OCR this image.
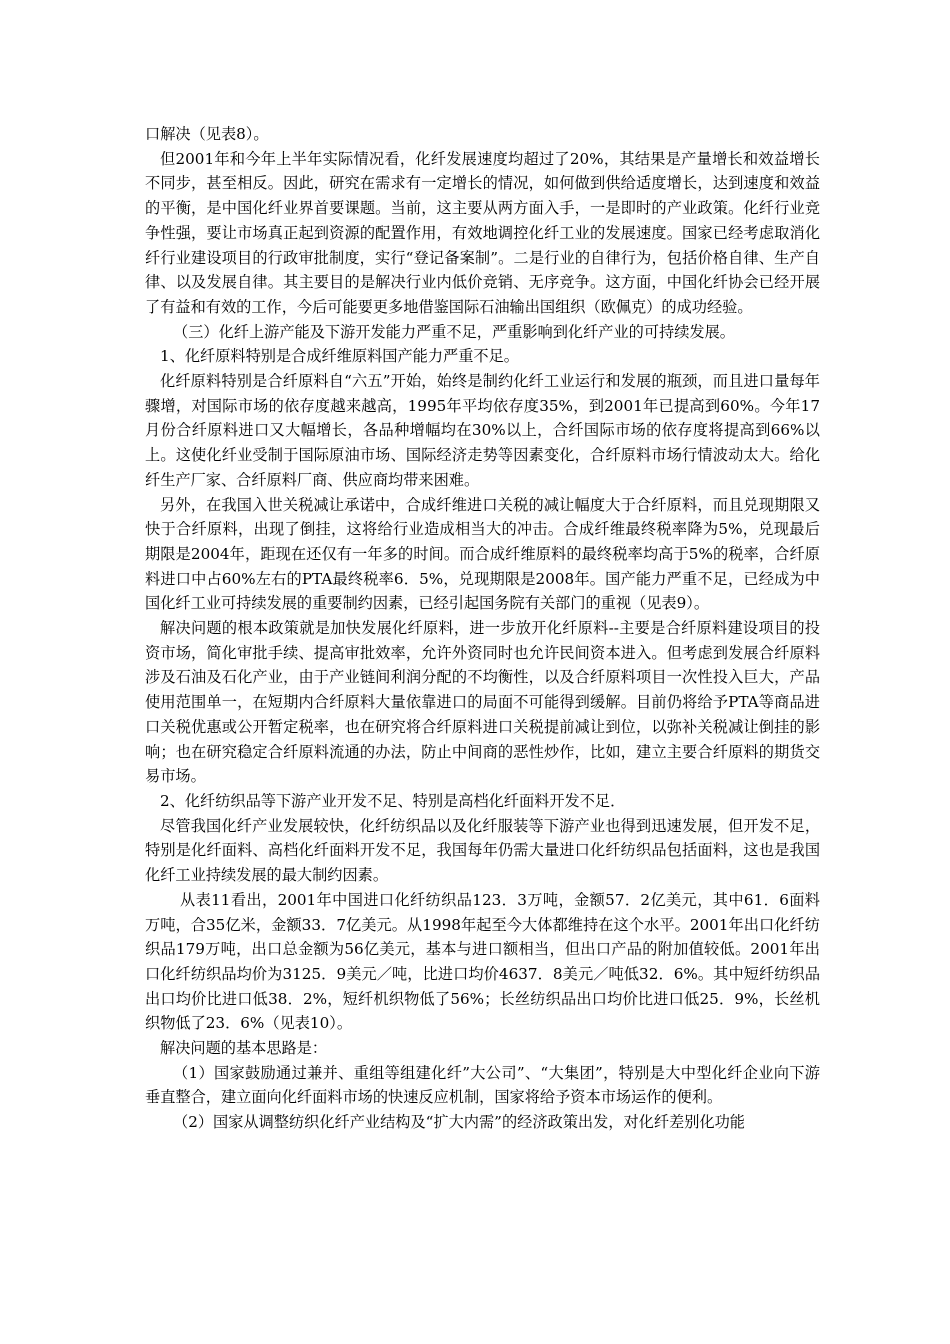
口解决（见表8）。

但2001年和今年上半年实际情况看，化纤发展速度均超过了20%，其结果是产量增长和效益增长不同步，甚至相反。因此，研究在需求有一定增长的情况，如何做到供给适度增长，达到速度和效益的平衡，是中国化纤业界首要课题。当前，这主要从两方面入手，一是即时的产业政策。化纤行业竞争性强，要让市场真正起到资源的配置作用，有效地调控化纤工业的发展速度。国家已经考虑取消化纤行业建设项目的行政审批制度，实行“登记备案制”。二是行业的自律行为，包括价格自律、生产自律、以及发展自律。其主要目的是解决行业内低价竞销、无序竞争。这方面，中国化纤协会已经开展了有益和有效的工作，今后可能要更多地借鉴国际石油输出国组织（欧佩克）的成功经验。

（三）化纤上游产能及下游开发能力严重不足，严重影响到化纤产业的可持续发展。

1、化纤原料特别是合成纤维原料国产能力严重不足。

化纤原料特别是合纤原料自“六五”开始，始终是制约化纤工业运行和发展的瓶颈，而且进口量每年骤增，对国际市场的依存度越来越高，1995年平均依存度35%，到2001年已提高到60%。今年17月份合纤原料进口又大幅增长，各品种增幅均在30%以上，合纤国际市场的依存度将提高到66%以上。这使化纤业受制于国际原油市场、国际经济走势等因素变化，合纤原料市场行情波动太大。给化纤生产厂家、合纤原料厂商、供应商均带来困难。

另外，在我国入世关税减让承诺中，合成纤维进口关税的减让幅度大于合纤原料，而且兑现期限又快于合纤原料，出现了倒挂，这将给行业造成相当大的冲击。合成纤维最终税率降为5%，兑现最后期限是2004年，距现在还仅有一年多的时间。而合成纤维原料的最终税率均高于5%的税率，合纤原料进口中占60%左右的PTA最终税率6．5%，兑现期限是2008年。国产能力严重不足，已经成为中国化纤工业可持续发展的重要制约因素，已经引起国务院有关部门的重视（见表9）。

解决问题的根本政策就是加快发展化纤原料，进一步放开化纤原料--主要是合纤原料建设项目的投资市场，简化审批手续、提高审批效率，允许外资同时也允许民间资本进入。但考虑到发展合纤原料涉及石油及石化产业，由于产业链间利润分配的不均衡性，以及合纤原料项目一次性投入巨大，产品使用范围单一，在短期内合纤原料大量依靠进口的局面不可能得到缓解。目前仍将给予PTA等商品进口关税优惠或公开暂定税率，也在研究将合纤原料进口关税提前减让到位，以弥补关税减让倒挂的影响；也在研究稳定合纤原料流通的办法，防止中间商的恶性炒作，比如，建立主要合纤原料的期货交易市场。

2、化纤纺织品等下游产业开发不足、特别是高档化纤面料开发不足．

尽管我国化纤产业发展较快，化纤纺织品以及化纤服装等下游产业也得到迅速发展，但开发不足，特别是化纤面料、高档化纤面料开发不足，我国每年仍需大量进口化纤纺织品包括面料，这也是我国化纤工业持续发展的最大制约因素。

从表11看出，2001年中国进口化纤纺织品123．3万吨，金额57．2亿美元，其中61．6面料万吨，合35亿米，金额33．7亿美元。从1998年起至今大体都维持在这个水平。2001年出口化纤纺织品179万吨，出口总金额为56亿美元，基本与进口额相当，但出口产品的附加值较低。2001年出口化纤纺织品均价为3125．9美元／吨，比进口均价4637．8美元／吨低32．6%。其中短纤纺织品出口均价比进口低38．2%，短纤机织物低了56%；长丝纺织品出口均价比进口低25．9%，长丝机织物低了23．6%（见表10）。

解决问题的基本思路是：

（1）国家鼓励通过兼并、重组等组建化纤”大公司”、“大集团”，特别是大中型化纤企业向下游垂直整合，建立面向化纤面料市场的快速反应机制，国家将给予资本市场运作的便利。

（2）国家从调整纺织化纤产业结构及“扩大内需”的经济政策出发，对化纤差别化功能
